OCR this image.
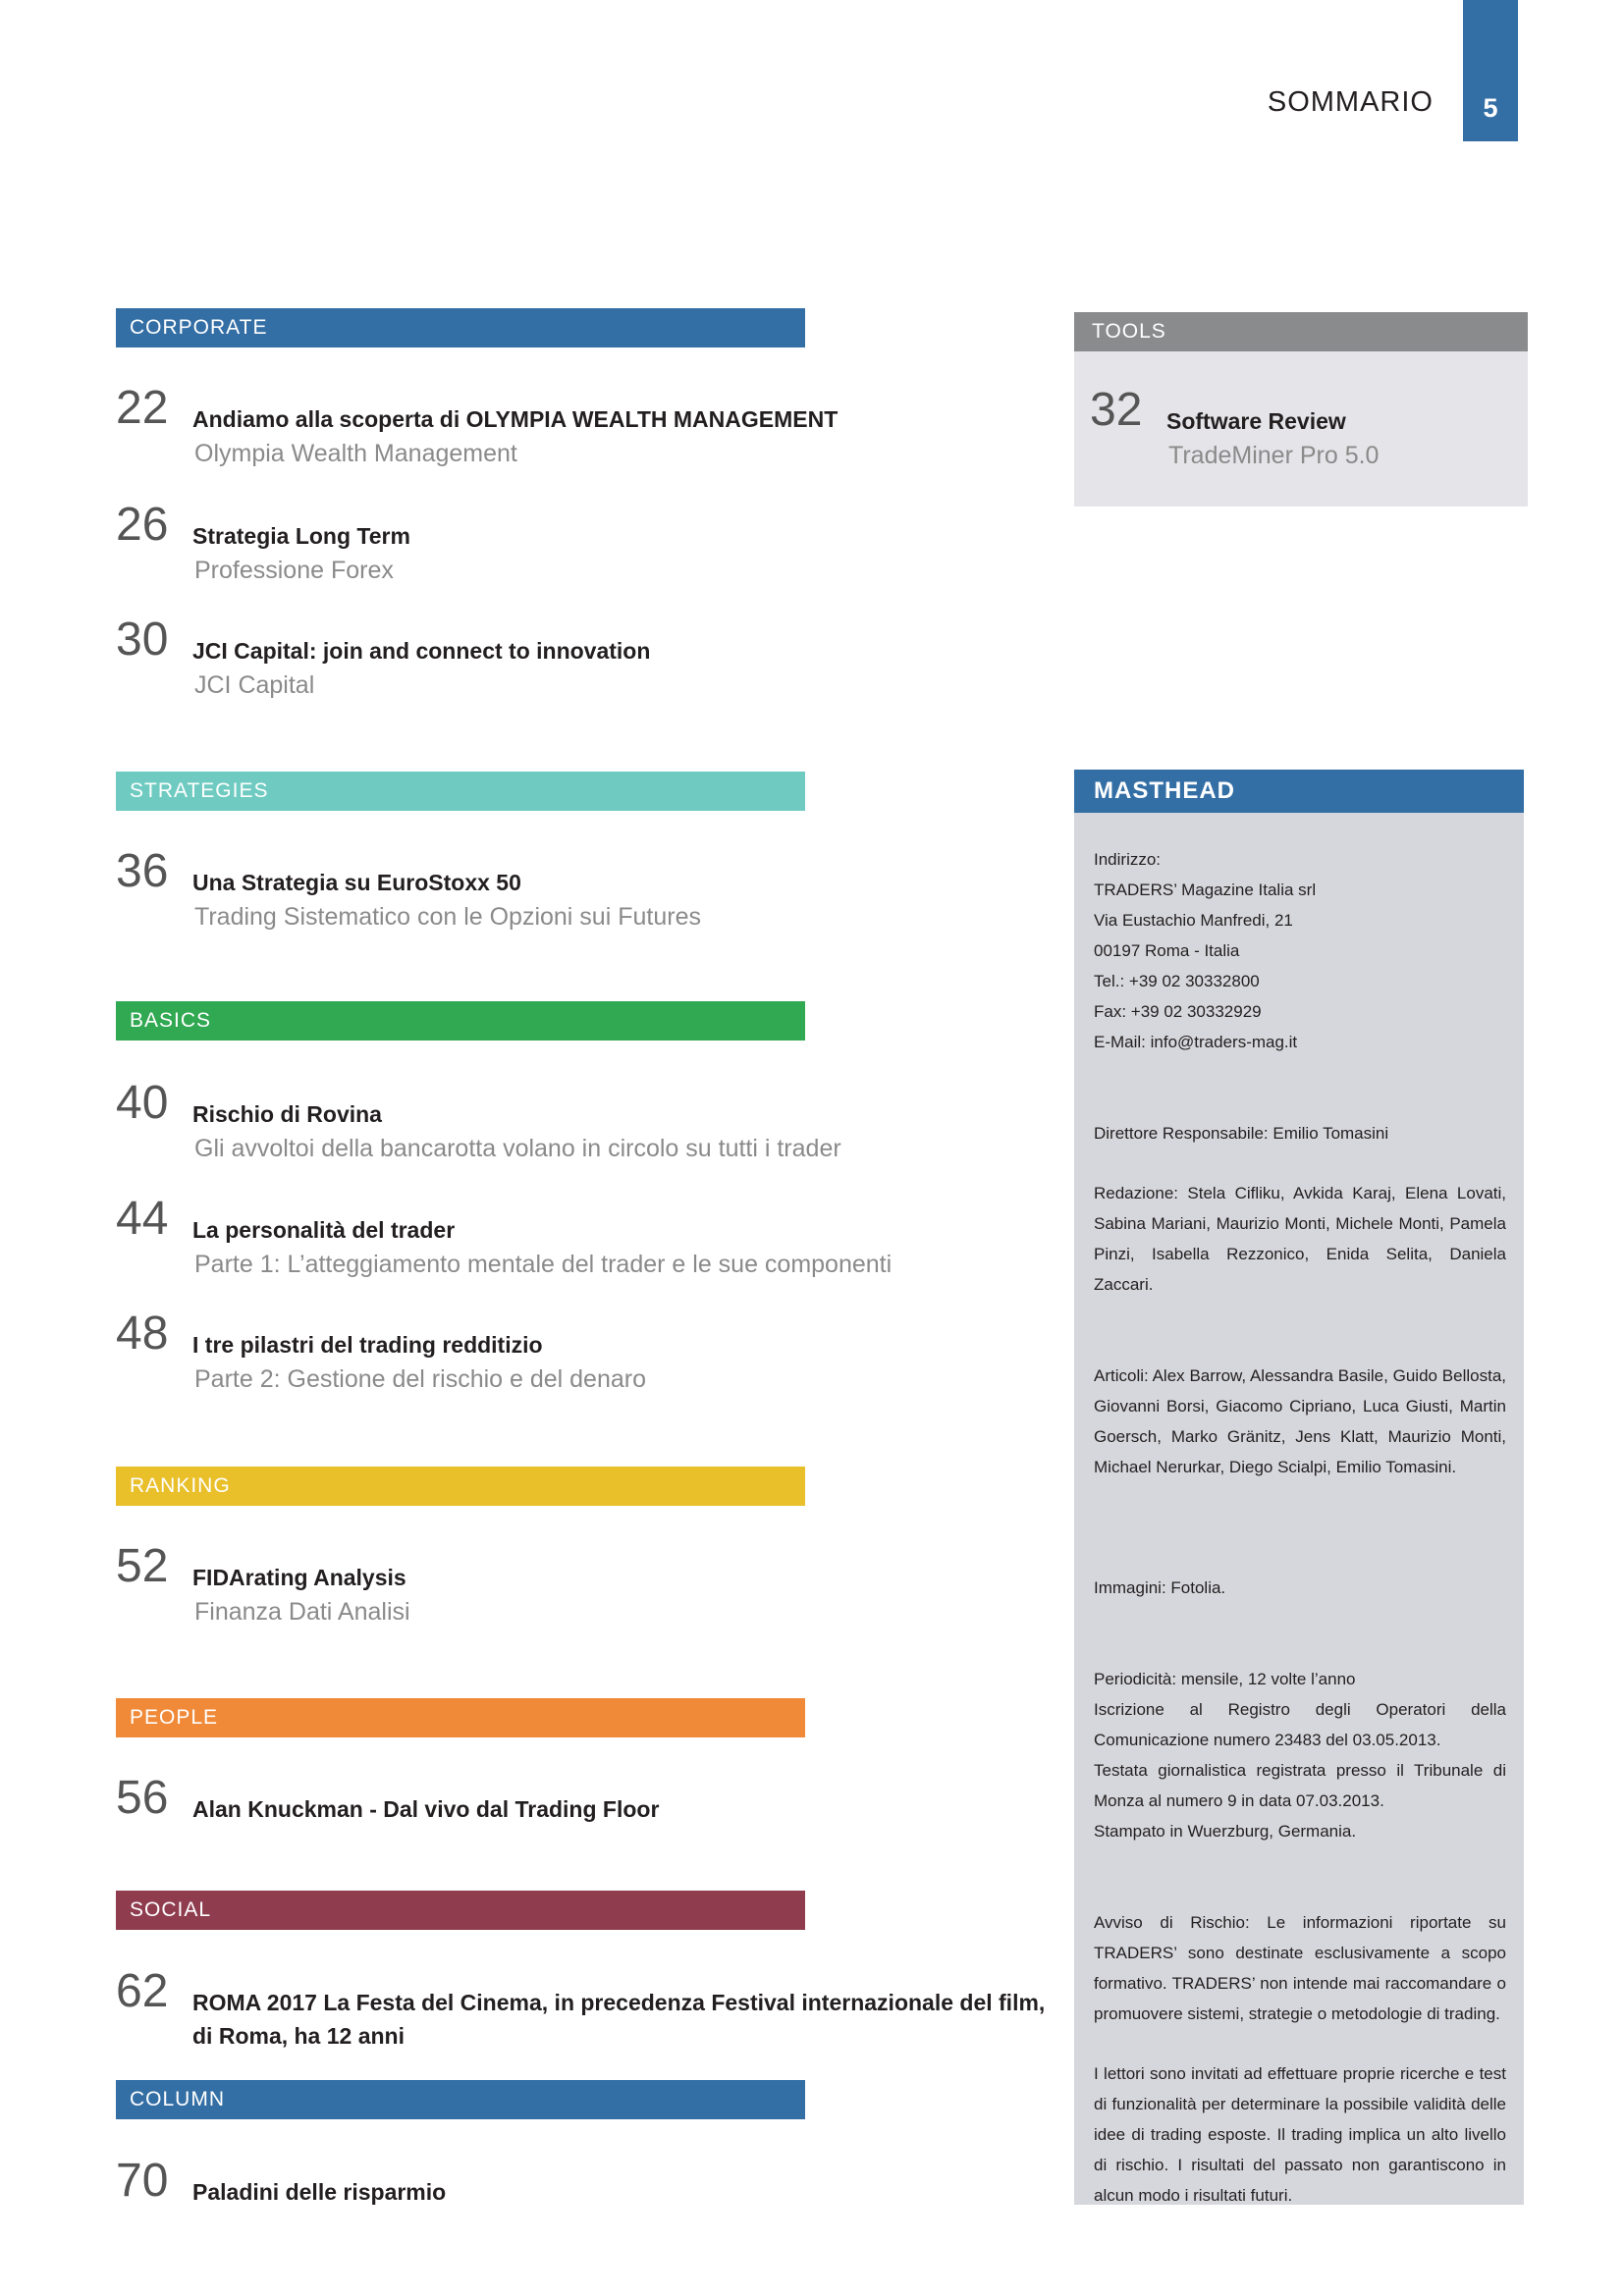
SOMMARIO 5
CORPORATE
22 Andiamo alla scoperta di OLYMPIA WEALTH MANAGEMENT
Olympia Wealth Management
26 Strategia Long Term
Professione Forex
30 JCI Capital: join and connect to innovation
JCI Capital
STRATEGIES
36 Una Strategia su EuroStoxx 50
Trading Sistematico con le Opzioni sui Futures
BASICS
40 Rischio di Rovina
Gli avvoltoi della bancarotta volano in circolo su tutti i trader
44 La personalità del trader
Parte 1: L’atteggiamento mentale del trader e le sue componenti
48 I tre pilastri del trading redditizio
Parte 2: Gestione del rischio e del denaro
RANKING
52 FIDArating Analysis
Finanza Dati Analisi
PEOPLE
56 Alan Knuckman - Dal vivo dal Trading Floor
SOCIAL
62 ROMA 2017 La Festa del Cinema, in precedenza Festival internazionale del film,
di Roma, ha 12 anni
COLUMN
70 Paladini delle risparmio
TOOLS
32 Software Review
TradeMiner Pro 5.0
MASTHEAD

Indirizzo:

TRADERS’ Magazine Italia srl

Via Eustachio Manfredi, 21

00197 Roma - Italia

Tel.: +39 02 30332800

Fax: +39 02 30332929

E-Mail: info@traders-mag.it

Direttore Responsabile: Emilio Tomasini

Redazione: Stela Cifliku, Avkida Karaj, Elena Lovati, Sabina Mariani, Maurizio Monti, Michele Monti, Pamela Pinzi, Isabella Rezzonico, Enida Selita, Daniela Zaccari.

Articoli: Alex Barrow, Alessandra Basile, Guido Bellosta, Giovanni Borsi, Giacomo Cipriano, Luca Giusti, Martin Goersch, Marko Gränitz, Jens Klatt, Maurizio Monti, Michael Nerurkar, Diego Scialpi, Emilio Tomasini.

Immagini: Fotolia.

Periodicità: mensile, 12 volte l’anno

Iscrizione al Registro degli Operatori della Comunicazione numero 23483 del 03.05.2013.

Testata giornalistica registrata presso il Tribunale di Monza al numero 9 in data 07.03.2013.

Stampato in Wuerzburg, Germania.

Avviso di Rischio: Le informazioni riportate su TRADERS’ sono destinate esclusivamente a scopo formativo. TRADERS’ non intende mai raccomandare o promuovere sistemi, strategie o metodologie di trading.

I lettori sono invitati ad effettuare proprie ricerche e test di funzionalità per determinare la possibile validità delle idee di trading esposte. Il trading implica un alto livello di rischio. I risultati del passato non garantiscono in alcun modo i risultati futuri.
